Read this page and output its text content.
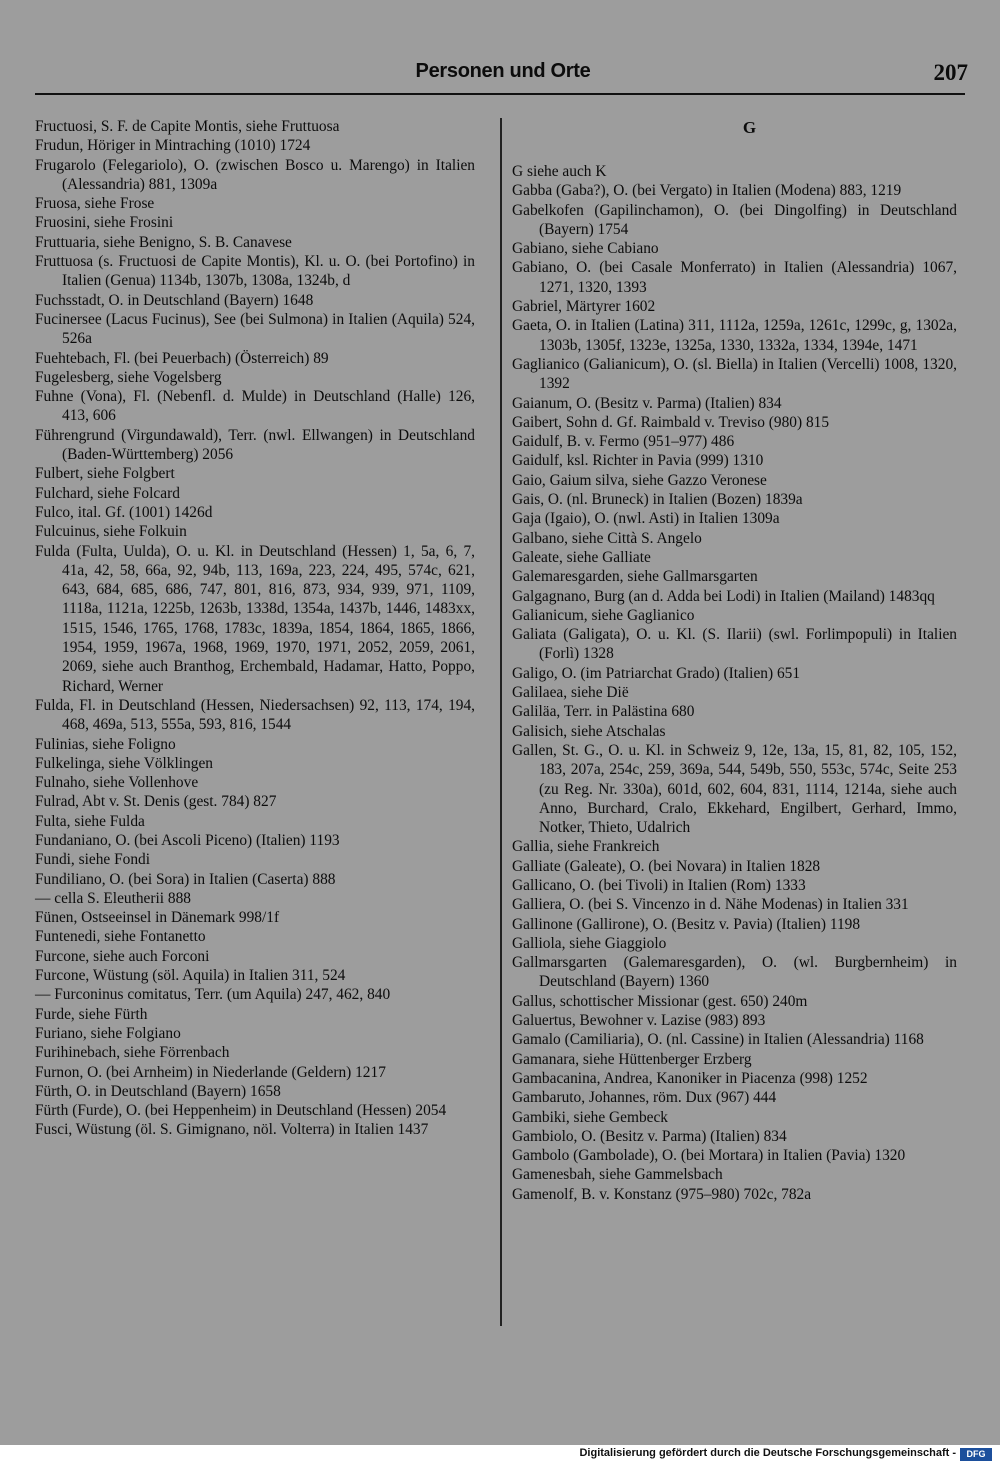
Personen und Orte	207

Fructuosi, S. F. de Capite Montis, siehe Fruttuosa

Frudun, Höriger in Mintraching (1010) 1724

Frugarolo (Felegariolo), O. (zwischen Bosco u. Marengo) in Italien (Alessandria) 881, 1309a

Fruosa, siehe Frose

Fruosini, siehe Frosini

Fruttuaria, siehe Benigno, S. B. Canavese

Fruttuosa (s. Fructuosi de Capite Montis), Kl. u. O. (bei Portofino) in Italien (Genua) 1134b, 1307b, 1308a, 1324b, d

Fuchsstadt, O. in Deutschland (Bayern) 1648

Fucinersee (Lacus Fucinus), See (bei Sulmona) in Italien (Aquila) 524, 526a

Fuehtebach, Fl. (bei Peuerbach) (Österreich) 89

Fugelesberg, siehe Vogelsberg

Fuhne (Vona), Fl. (Nebenfl. d. Mulde) in Deutschland (Halle) 126, 413, 606

Führengrund (Virgundawald), Terr. (nwl. Ellwangen) in Deutschland (Baden-Württemberg) 2056

Fulbert, siehe Folgbert

Fulchard, siehe Folcard

Fulco, ital. Gf. (1001) 1426d

Fulcuinus, siehe Folkuin

Fulda (Fulta, Uulda), O. u. Kl. in Deutschland (Hessen) 1, 5a, 6, 7, 41a, 42, 58, 66a, 92, 94b, 113, 169a, 223, 224, 495, 574c, 621, 643, 684, 685, 686, 747, 801, 816, 873, 934, 939, 971, 1109, 1118a, 1121a, 1225b, 1263b, 1338d, 1354a, 1437b, 1446, 1483xx, 1515, 1546, 1765, 1768, 1783c, 1839a, 1854, 1864, 1865, 1866, 1954, 1959, 1967a, 1968, 1969, 1970, 1971, 2052, 2059, 2061, 2069, siehe auch Branthog, Erchembald, Hadamar, Hatto, Poppo, Richard, Werner

Fulda, Fl. in Deutschland (Hessen, Niedersachsen) 92, 113, 174, 194, 468, 469a, 513, 555a, 593, 816, 1544

Fulinias, siehe Foligno

Fulkelinga, siehe Völklingen

Fulnaho, siehe Vollenhove

Fulrad, Abt v. St. Denis (gest. 784) 827

Fulta, siehe Fulda

Fundaniano, O. (bei Ascoli Piceno) (Italien) 1193

Fundi, siehe Fondi

Fundiliano, O. (bei Sora) in Italien (Caserta) 888

— cella S. Eleutherii 888

Fünen, Ostseeinsel in Dänemark 998/1f

Funtenedi, siehe Fontanetto

Furcone, siehe auch Forconi

Furcone, Wüstung (söl. Aquila) in Italien 311, 524

— Furconinus comitatus, Terr. (um Aquila) 247, 462, 840

Furde, siehe Fürth

Furiano, siehe Folgiano

Furihinebach, siehe Förrenbach

Furnon, O. (bei Arnheim) in Niederlande (Geldern) 1217

Fürth, O. in Deutschland (Bayern) 1658

Fürth (Furde), O. (bei Heppenheim) in Deutschland (Hessen) 2054

Fusci, Wüstung (öl. S. Gimignano, nöl. Volterra) in Italien 1437

G

G siehe auch K

Gabba (Gaba?), O. (bei Vergato) in Italien (Modena) 883, 1219

Gabelkofen (Gapilinchamon), O. (bei Dingolfing) in Deutschland (Bayern) 1754

Gabiano, siehe Cabiano

Gabiano, O. (bei Casale Monferrato) in Italien (Alessandria) 1067, 1271, 1320, 1393

Gabriel, Märtyrer 1602

Gaeta, O. in Italien (Latina) 311, 1112a, 1259a, 1261c, 1299c, g, 1302a, 1303b, 1305f, 1323e, 1325a, 1330, 1332a, 1334, 1394e, 1471

Gaglianico (Galianicum), O. (sl. Biella) in Italien (Vercelli) 1008, 1320, 1392

Gaianum, O. (Besitz v. Parma) (Italien) 834

Gaibert, Sohn d. Gf. Raimbald v. Treviso (980) 815

Gaidulf, B. v. Fermo (951–977) 486

Gaidulf, ksl. Richter in Pavia (999) 1310

Gaio, Gaium silva, siehe Gazzo Veronese

Gais, O. (nl. Bruneck) in Italien (Bozen) 1839a

Gaja (Igaio), O. (nwl. Asti) in Italien 1309a

Galbano, siehe Città S. Angelo

Galeate, siehe Galliate

Galemaresgarden, siehe Gallmarsgarten

Galgagnano, Burg (an d. Adda bei Lodi) in Italien (Mailand) 1483qq

Galianicum, siehe Gaglianico

Galiata (Galigata), O. u. Kl. (S. Ilarii) (swl. Forlimpopuli) in Italien (Forlì) 1328

Galigo, O. (im Patriarchat Grado) (Italien) 651

Galilaea, siehe Dië

Galiläa, Terr. in Palästina 680

Galisich, siehe Atschalas

Gallen, St. G., O. u. Kl. in Schweiz 9, 12e, 13a, 15, 81, 82, 105, 152, 183, 207a, 254c, 259, 369a, 544, 549b, 550, 553c, 574c, Seite 253 (zu Reg. Nr. 330a), 601d, 602, 604, 831, 1114, 1214a, siehe auch Anno, Burchard, Cralo, Ekkehard, Engilbert, Gerhard, Immo, Notker, Thieto, Udalrich

Gallia, siehe Frankreich

Galliate (Galeate), O. (bei Novara) in Italien 1828

Gallicano, O. (bei Tivoli) in Italien (Rom) 1333

Galliera, O. (bei S. Vincenzo in d. Nähe Modenas) in Italien 331

Gallinone (Gallirone), O. (Besitz v. Pavia) (Italien) 1198

Galliola, siehe Giaggiolo

Gallmarsgarten (Galemaresgarden), O. (wl. Burgbernheim) in Deutschland (Bayern) 1360

Gallus, schottischer Missionar (gest. 650) 240m

Galuertus, Bewohner v. Lazise (983) 893

Gamalo (Camiliaria), O. (nl. Cassine) in Italien (Alessandria) 1168

Gamanara, siehe Hüttenberger Erzberg

Gambacanina, Andrea, Kanoniker in Piacenza (998) 1252

Gambaruto, Johannes, röm. Dux (967) 444

Gambiki, siehe Gembeck

Gambiolo, O. (Besitz v. Parma) (Italien) 834

Gambolo (Gambolade), O. (bei Mortara) in Italien (Pavia) 1320

Gamenesbah, siehe Gammelsbach

Gamenolf, B. v. Konstanz (975–980) 702c, 782a

Digitalisierung gefördert durch die Deutsche Forschungsgemeinschaft -	DFG
